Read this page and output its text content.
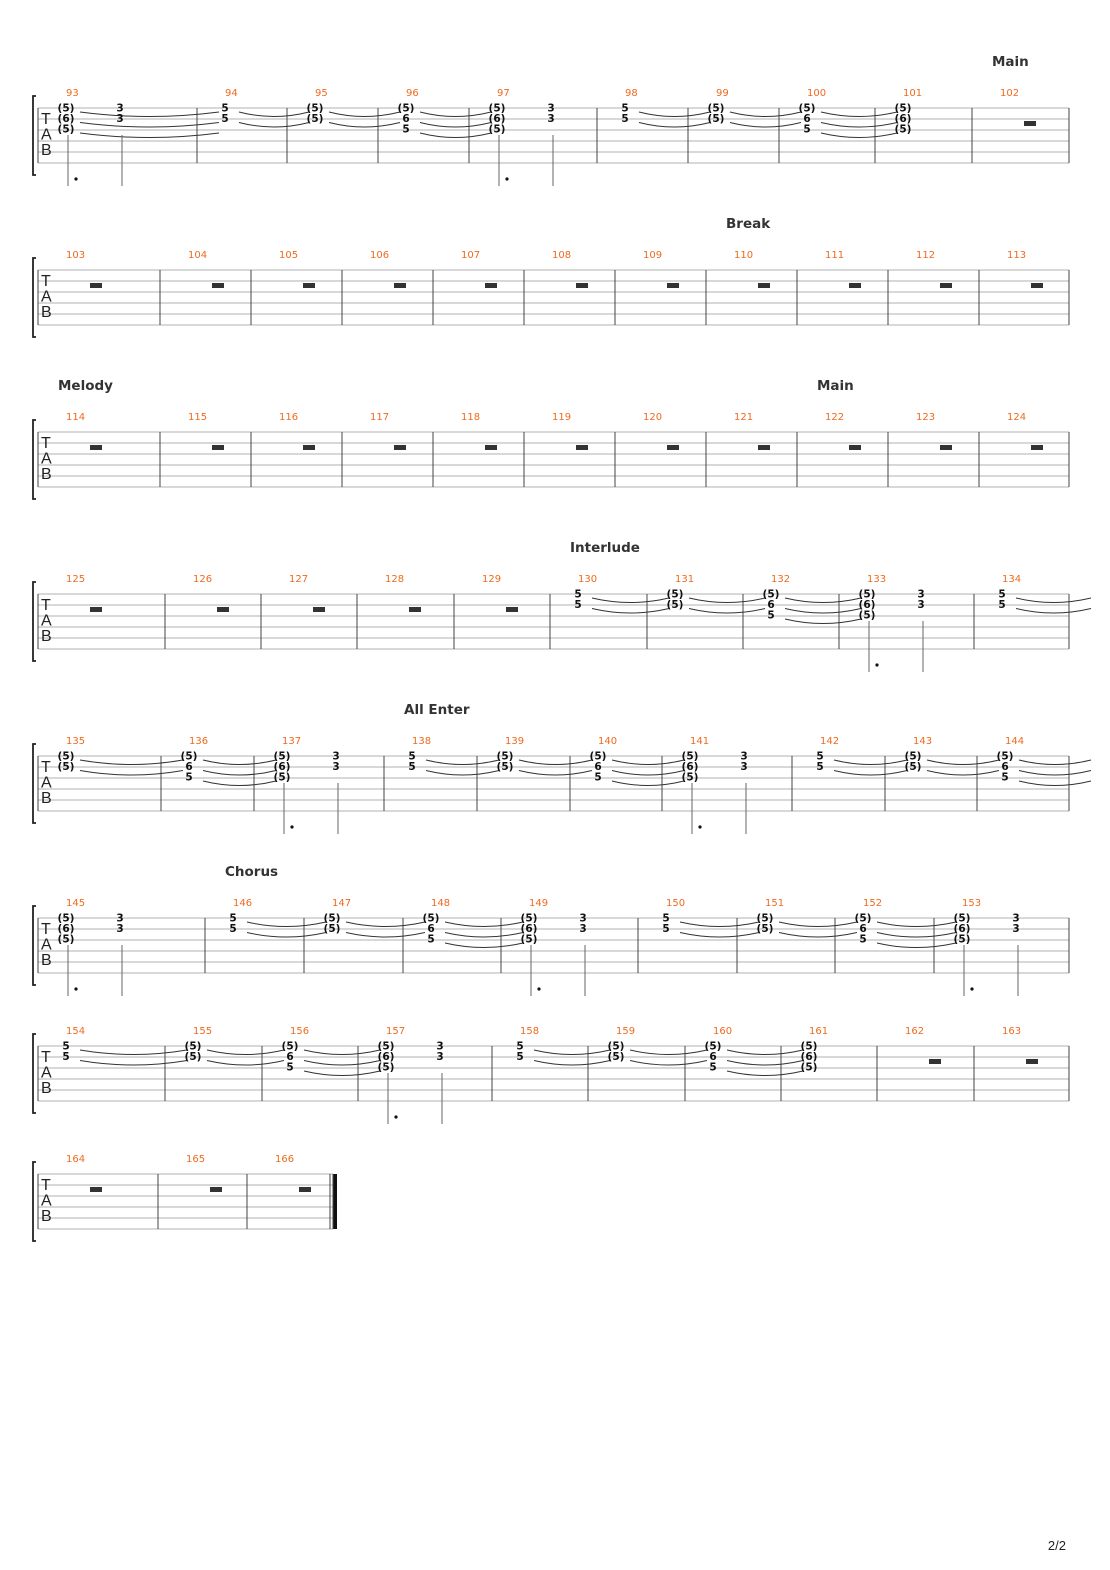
T
A
B
93
(5)
(6)
(5)
3
3
94
5
5
95
(5)
(5)
96
(5)
6
5
97
(5)
(6)
(5)
3
3
98
5
5
99
(5)
(5)
100
(5)
6
5
101
(5)
(6)
(5)
102
Main
T
A
B
103	104	105	106	107	108	109	110	111	112	113
Break
T
A
B
114	115	116	117	118	119	120	121	122	123	124
Melody	Main
T
A
B
125	126	127	128	129	130
5
5
131
(5)
(5)
132
(5)
6
5
133
(5)
(6)
(5)
3
3
134
5
5
Interlude
T
A
B
135
(5)
(5)
136
(5)
6
5
137
(5)
(6)
(5)
3
3
138
5
5
139
(5)
(5)
140
(5)
6
5
141
(5)
(6)
(5)
3
3
142
5
5
143
(5)
(5)
144
(5)
6
5
All Enter
T
A
B
145
(5)
(6)
(5)
3
3
146
5
5
147
(5)
(5)
148
(5)
6
5
149
(5)
(6)
(5)
3
3
150
5
5
151
(5)
(5)
152
(5)
6
5
153
(5)
(6)
(5)
3
3
Chorus
T
A
B
154
5
5
155
(5)
(5)
156
(5)
6
5
157
(5)
(6)
(5)
3
3
158
5
5
159
(5)
(5)
160
(5)
6
5
161
(5)
(6)
(5)
162	163
T
A
B
164	165	166
2/2
